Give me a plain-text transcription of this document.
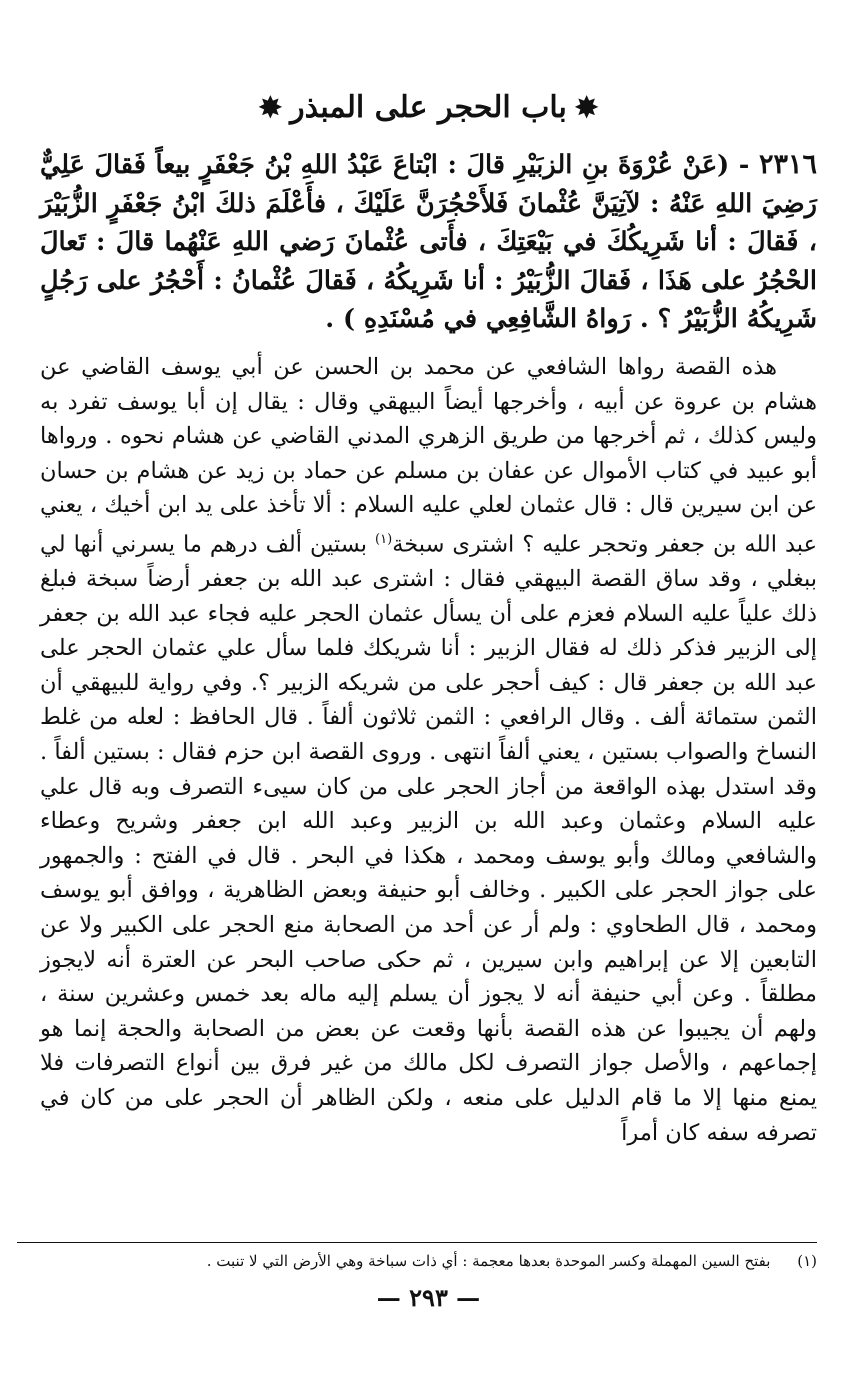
✸باب الحجر على المبذر✸
٢٣١٦ - (عَنْ عُرْوَةَ بنِ الزبَيْرِ قالَ : ابْتاعَ عَبْدُ اللهِ بْنُ جَعْفَرٍ بيعاً فَقالَ عَلِيٌّ رَضِيَ اللهِ عَنْهُ : لآتِيَنَّ عُثْمانَ فَلأَحْجُرَنَّ عَلَيْكَ ، فأَعْلَمَ ذلكَ ابْنُ جَعْفَرٍ الزُّبَيْرَ ، فَقالَ : أنا شَرِيكُكَ في بَيْعَتِكَ ، فأَتى عُثْمانَ رَضي اللهِ عَنْهُما قالَ : تَعالَ الحْجُرُ على هَذَا ، فَقالَ الزُّبَيْرُ : أنا شَرِيكُهُ ، فَقالَ عُثْمانُ : أَحْجُرُ على رَجُلٍ شَرِيكُهُ الزُّبَيْرُ ؟ . رَواهُ الشَّافِعِي في مُسْنَدِهِ ) .
هذه القصة رواها الشافعي عن محمد بن الحسن عن أبي يوسف القاضي عن هشام بن عروة عن أبيه ، وأخرجها أيضاً البيهقي وقال : يقال إن أبا يوسف تفرد به وليس كذلك ، ثم أخرجها من طريق الزهري المدني القاضي عن هشام نحوه . ورواها أبو عبيد في كتاب الأموال عن عفان بن مسلم عن حماد بن زيد عن هشام بن حسان عن ابن سيرين قال : قال عثمان لعلي عليه السلام : ألا تأخذ على يد ابن أخيك ، يعني عبد الله بن جعفر وتحجر عليه ؟ اشترى سبخة$^{(١)}$ بستين ألف درهم ما يسرني أنها لي ببغلي ، وقد ساق القصة البيهقي فقال : اشترى عبد الله بن جعفر أرضاً سبخة فبلغ ذلك علياً عليه السلام فعزم على أن يسأل عثمان الحجر عليه فجاء عبد الله بن جعفر إلى الزبير فذكر ذلك له فقال الزبير : أنا شريكك فلما سأل علي عثمان الحجر على عبد الله بن جعفر قال : كيف أحجر على من شريكه الزبير ؟. وفي رواية للبيهقي أن الثمن ستمائة ألف . وقال الرافعي : الثمن ثلاثون ألفاً . قال الحافظ : لعله من غلط النساخ والصواب بستين ، يعني ألفاً انتهى . وروى القصة ابن حزم فقال : بستين ألفاً . وقد استدل بهذه الواقعة من أجاز الحجر على من كان سيىء التصرف وبه قال علي عليه السلام وعثمان وعبد الله بن الزبير وعبد الله ابن جعفر وشريح وعطاء والشافعي ومالك وأبو يوسف ومحمد ، هكذا في البحر . قال في الفتح : والجمهور على جواز الحجر على الكبير . وخالف أبو حنيفة وبعض الظاهرية ، ووافق أبو يوسف ومحمد ، قال الطحاوي : ولم أر عن أحد من الصحابة منع الحجر على الكبير ولا عن التابعين إلا عن إبراهيم وابن سيرين ، ثم حكى صاحب البحر عن العترة أنه لايجوز مطلقاً . وعن أبي حنيفة أنه لا يجوز أن يسلم إليه ماله بعد خمس وعشرين سنة ، ولهم أن يجيبوا عن هذه القصة بأنها وقعت عن بعض من الصحابة والحجة إنما هو إجماعهم ، والأصل جواز التصرف لكل مالك من غير فرق بين أنواع التصرفات فلا يمنع منها إلا ما قام الدليل على منعه ، ولكن الظاهر أن الحجر على من كان في تصرفه سفه كان أمراً
(١) بفتح السين المهملة وكسر الموحدة بعدها معجمة : أي ذات سباخة وهي الأرض التي لا تنبت .
— ٢٩٣ —
